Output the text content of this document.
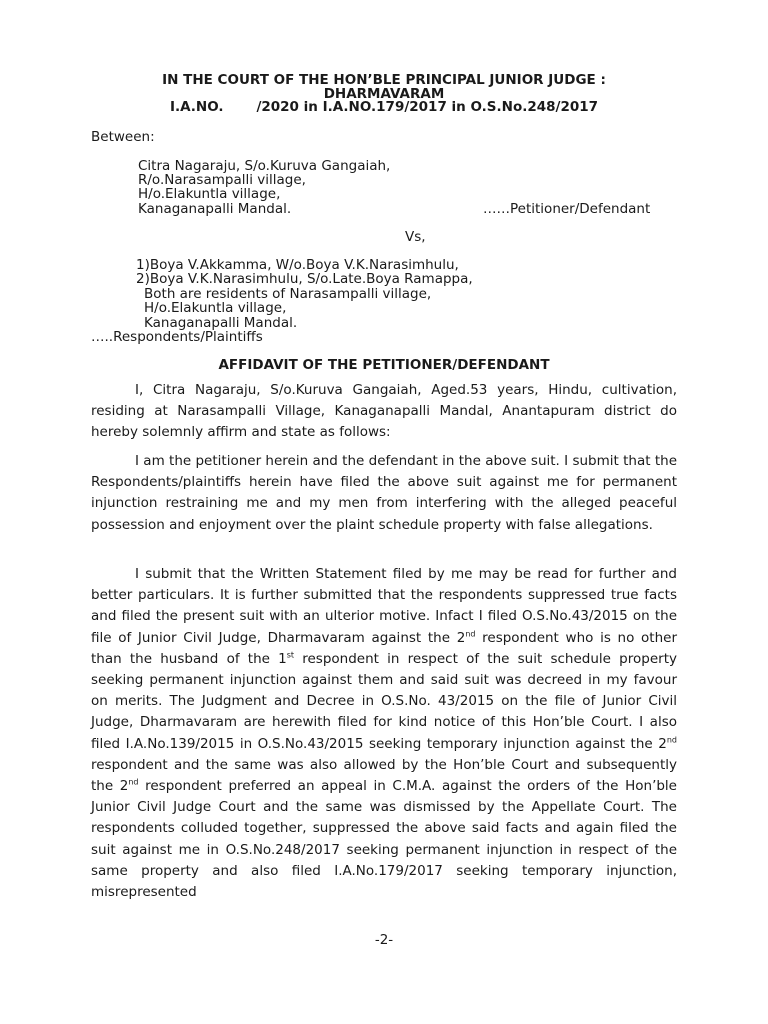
IN THE COURT OF THE HON’BLE PRINCIPAL JUNIOR JUDGE :
DHARMAVARAM
I.A.NO.       /2020 in I.A.NO.179/2017 in O.S.No.248/2017
Between:
Citra Nagaraju, S/o.Kuruva Gangaiah,
R/o.Narasampalli village,
H/o.Elakuntla village,
Kanaganapalli Mandal.	……Petitioner/Defendant
Vs,
1)Boya V.Akkamma, W/o.Boya V.K.Narasimhulu,
2)Boya V.K.Narasimhulu, S/o.Late.Boya Ramappa,
Both are residents of Narasampalli village,
H/o.Elakuntla village,
Kanaganapalli Mandal.
…..Respondents/Plaintiffs
AFFIDAVIT OF THE PETITIONER/DEFENDANT
I, Citra Nagaraju, S/o.Kuruva Gangaiah, Aged.53 years, Hindu, cultivation, residing at Narasampalli Village, Kanaganapalli Mandal, Anantapuram district do hereby solemnly affirm and state as follows:
I am the petitioner herein and the defendant in the above suit. I submit that the Respondents/plaintiffs herein have filed the above suit against me for permanent injunction restraining me and my men from interfering with the alleged peaceful possession and enjoyment over the plaint schedule property with false allegations.
I submit that the Written Statement filed by me may be read for further and better particulars. It is further submitted that the respondents suppressed true facts and filed the present suit with an ulterior motive. Infact I filed O.S.No.43/2015 on the file of Junior Civil Judge, Dharmavaram against the 2nd respondent who is no other than the husband of the 1st respondent in respect of the suit schedule property seeking permanent injunction against them and said suit was decreed in my favour on merits. The Judgment and Decree in O.S.No. 43/2015 on the file of Junior Civil Judge, Dharmavaram are herewith filed for kind notice of this Hon’ble Court. I also filed I.A.No.139/2015 in O.S.No.43/2015 seeking temporary injunction against the 2nd respondent and the same was also allowed by the Hon’ble Court and subsequently the 2nd respondent preferred an appeal in C.M.A. against the orders of the Hon’ble Junior Civil Judge Court and the same was dismissed by the Appellate Court. The respondents colluded together, suppressed the above said facts and again filed the suit against me in O.S.No.248/2017 seeking permanent injunction in respect of the same property and also filed I.A.No.179/2017 seeking temporary injunction, misrepresented
-2-
